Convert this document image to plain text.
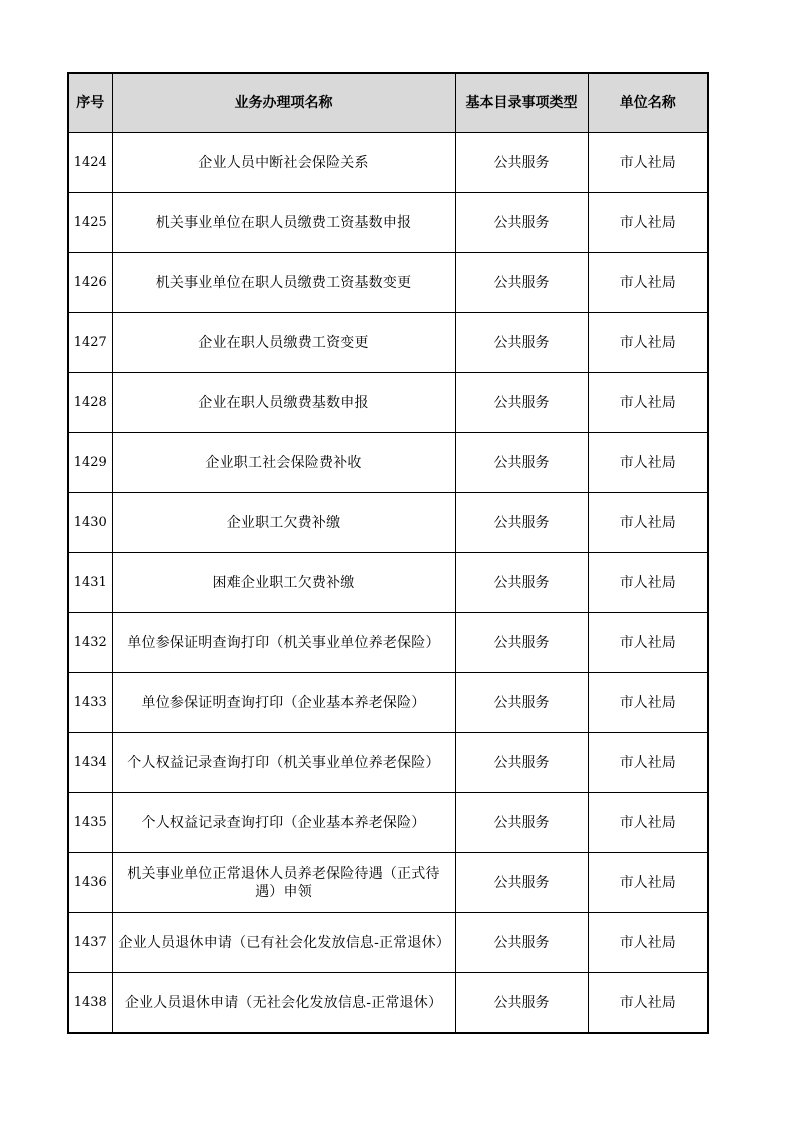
序号	业务办理项名称	基本目录事项类型	单位名称
1424	企业人员中断社会保险关系	公共服务	市人社局
1425	机关事业单位在职人员缴费工资基数申报	公共服务	市人社局
1426	机关事业单位在职人员缴费工资基数变更	公共服务	市人社局
1427	企业在职人员缴费工资变更	公共服务	市人社局
1428	企业在职人员缴费基数申报	公共服务	市人社局
1429	企业职工社会保险费补收	公共服务	市人社局
1430	企业职工欠费补缴	公共服务	市人社局
1431	困难企业职工欠费补缴	公共服务	市人社局
1432	单位参保证明查询打印（机关事业单位养老保险）	公共服务	市人社局
1433	单位参保证明查询打印（企业基本养老保险）	公共服务	市人社局
1434	个人权益记录查询打印（机关事业单位养老保险）	公共服务	市人社局
1435	个人权益记录查询打印（企业基本养老保险）	公共服务	市人社局
1436	机关事业单位正常退休人员养老保险待遇（正式待遇）申领	公共服务	市人社局
1437	企业人员退休申请（已有社会化发放信息-正常退休）	公共服务	市人社局
1438	企业人员退休申请（无社会化发放信息-正常退休）	公共服务	市人社局
